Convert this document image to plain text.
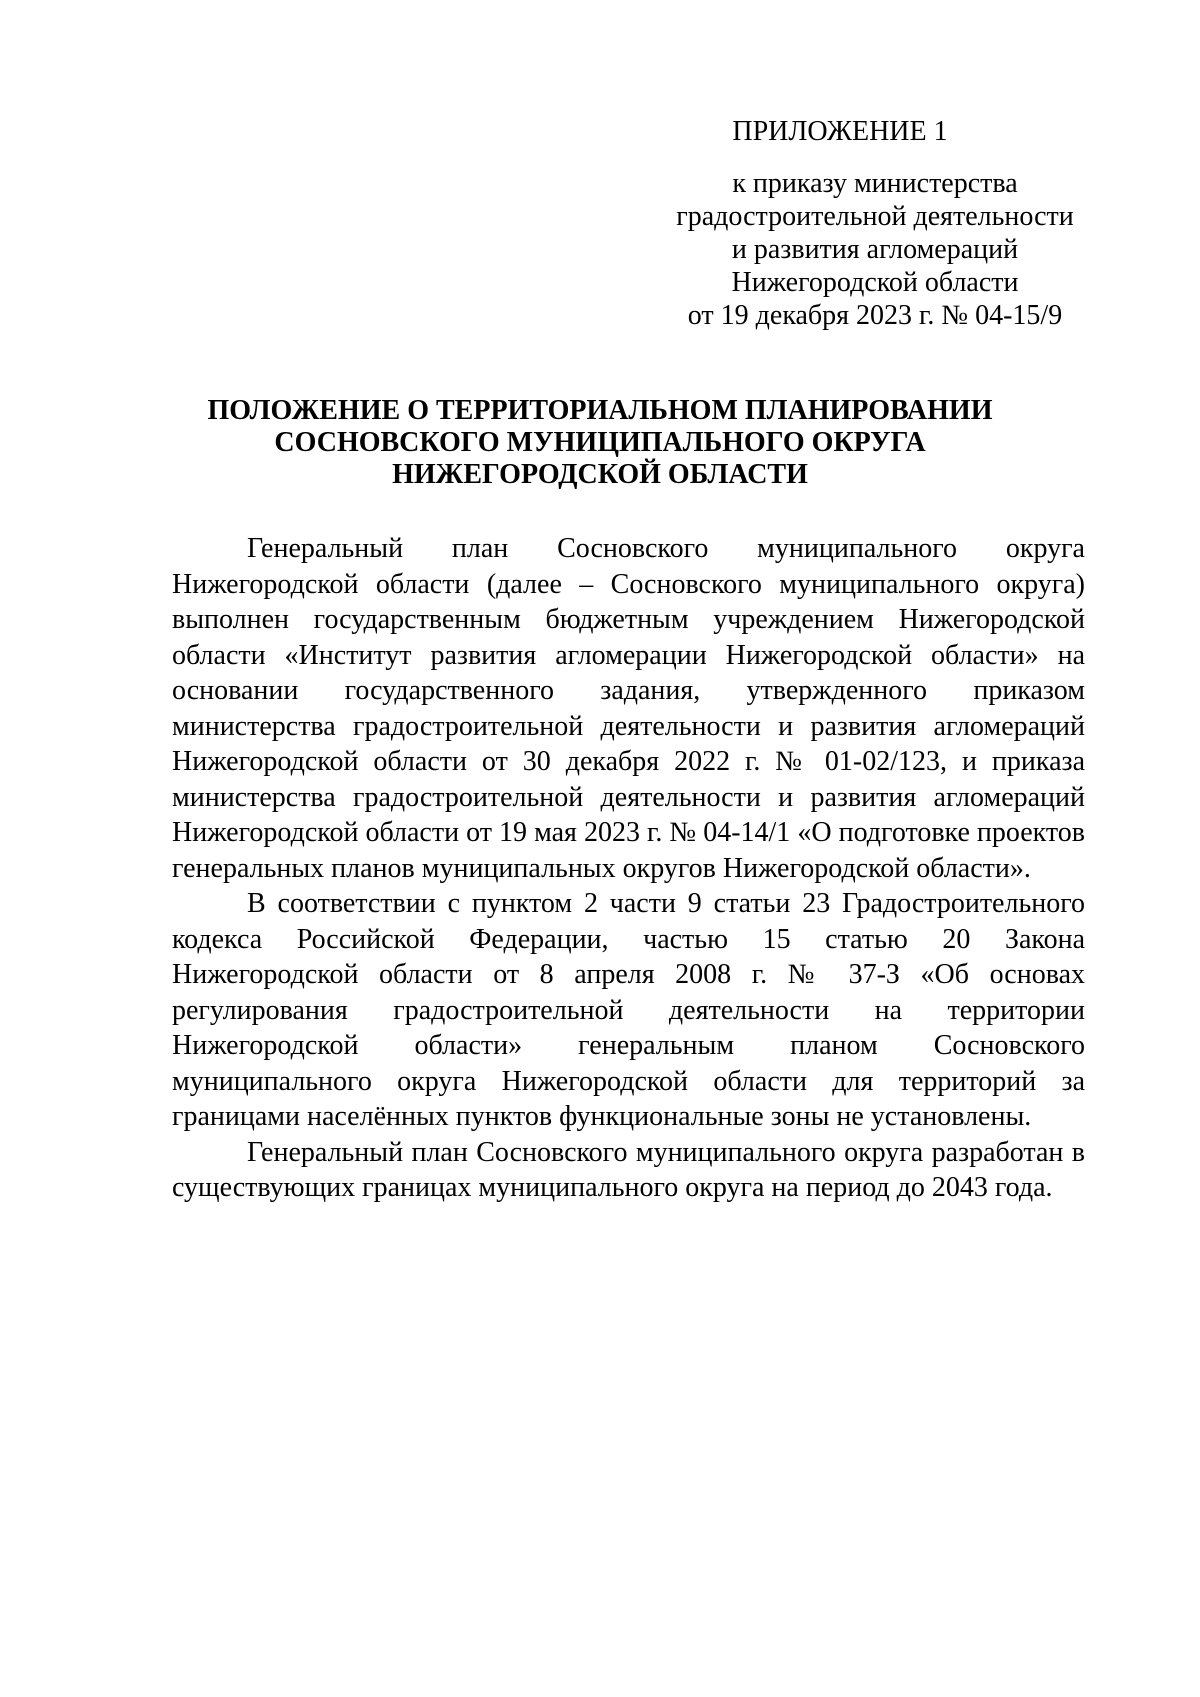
ПРИЛОЖЕНИЕ 1
к приказу министерства
градостроительной деятельности
и развития агломераций
Нижегородской области
от 19 декабря 2023 г. № 04-15/9
ПОЛОЖЕНИЕ О ТЕРРИТОРИАЛЬНОМ ПЛАНИРОВАНИИ
СОСНОВСКОГО МУНИЦИПАЛЬНОГО ОКРУГА
НИЖЕГОРОДСКОЙ ОБЛАСТИ

Генеральный план Сосновского муниципального округа Нижегородской области (далее – Сосновского муниципального округа) выполнен государственным бюджетным учреждением Нижегородской области «Институт развития агломерации Нижегородской области» на основании государственного задания, утвержденного приказом министерства градостроительной деятельности и развития агломераций Нижегородской области от 30 декабря 2022 г. № 01-02/123, и приказа министерства градостроительной деятельности и развития агломераций Нижегородской области от 19 мая 2023 г. № 04-14/1 «О подготовке проектов генеральных планов муниципальных округов Нижегородской области».

В соответствии с пунктом 2 части 9 статьи 23 Градостроительного кодекса Российской Федерации, частью 15 статью 20 Закона Нижегородской области от 8 апреля 2008 г. № 37-З «Об основах регулирования градостроительной деятельности на территории Нижегородской области» генеральным планом Сосновского муниципального округа Нижегородской области для территорий за границами населённых пунктов функциональные зоны не установлены.

Генеральный план Сосновского муниципального округа разработан в существующих границах муниципального округа на период до 2043 года.
